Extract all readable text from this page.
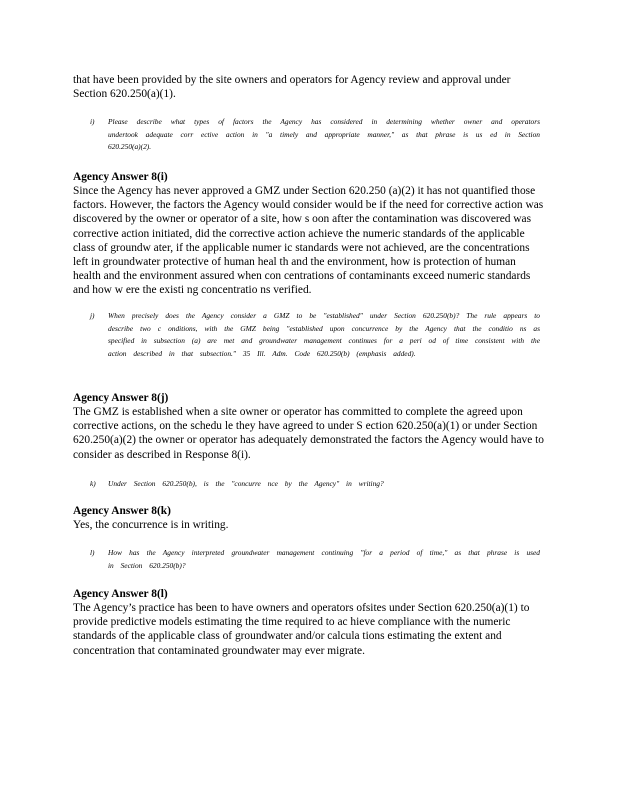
that have been provided by the site owners and operators for Agency review and approval under Section 620.250(a)(1).

i)	Please describe what types of factors the Agency has considered in determining whether owner and operators undertook adequate corr ective action in "a timely and appropriate manner," as that phrase is us ed in Section 620.250(a)(2).

Agency Answer 8(i)

Since the Agency has never approved a GMZ under Section 620.250 (a)(2) it has not quantified those factors. However, the factors the Agency would consider would be if the need for corrective action was discovered by the owner or operator of a site, how s oon after the contamination was discovered was corrective action initiated, did the corrective action achieve the numeric standards of the applicable class of groundw ater, if the applicable numer ic standards were not achieved, are the concentrations left in groundwater protective of human heal th and the environment, how is protection of human health and the environment assured when con centrations of contaminants exceed numeric standards and how w ere the existi ng concentratio ns verified.

j)	When precisely does the Agency consider a GMZ to be "established" under Section 620.250(b)? The rule appears to describe two c onditions, with the GMZ being "established upon concurrence by the Agency that the conditio ns as specified in subsection (a) are met and groundwater management continues for a peri od of time consistent with the action described in that subsection." 35 Ill. Adm. Code 620.250(b) (emphasis added).

Agency Answer 8(j)

The GMZ is established when a site owner or operator has committed to complete the agreed upon corrective actions, on the schedu le they have agreed to under S ection 620.250(a)(1) or under Section 620.250(a)(2) the owner or operator has adequately demonstrated the factors the Agency would have to consider as described in Response 8(i).

k)	Under Section 620.250(b), is the "concurre nce by the Agency" in writing?

Agency Answer 8(k)

Yes, the concurrence is in writing.

l)	How has the Agency interpreted groundwater management continuing "for a period of time," as that phrase is used in Section 620.250(b)?

Agency Answer 8(l)

The Agency’s practice has been to have owners and operators ofsites under Section 620.250(a)(1) to provide predictive models estimating the time required to ac hieve compliance with the numeric standards of the applicable class of groundwater and/or calcula tions estimating the extent and concentration that contaminated groundwater may ever migrate.
